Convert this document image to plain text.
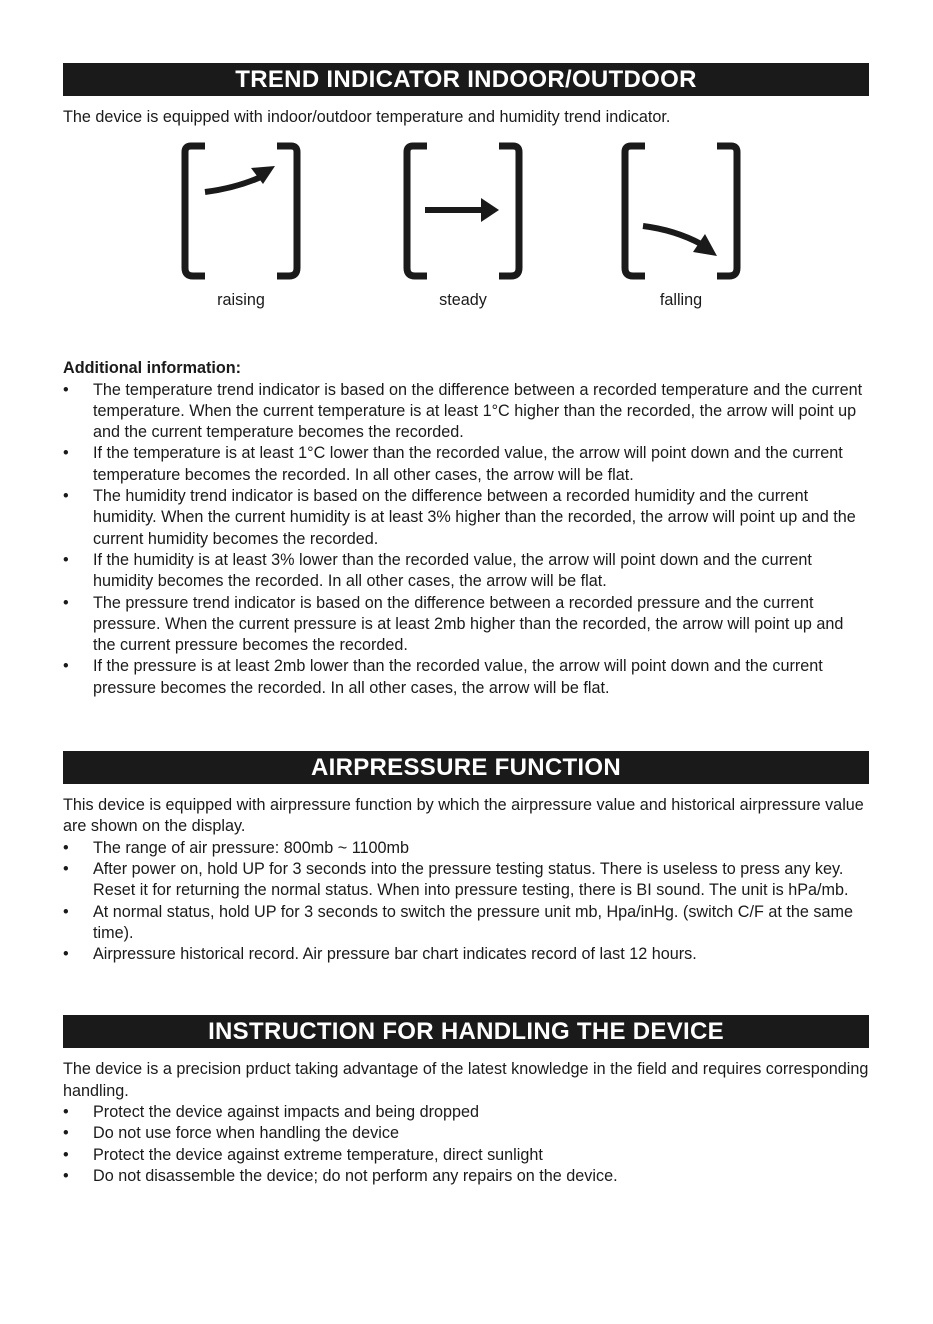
TREND INDICATOR INDOOR/OUTDOOR

The device is equipped with indoor/outdoor temperature and humidity trend indicator.

raising	steady	falling

Additional information:

• The temperature trend indicator is based on the difference between a recorded temperature and the current temperature. When the current temperature is at least 1°C higher than the recorded, the arrow will point up and the current temperature becomes the recorded.
• If the temperature is at least 1°C lower than the recorded value, the arrow will point down and the current temperature becomes the recorded. In all other cases, the arrow will be flat.
• The humidity trend indicator is based on the difference between a recorded humidity and the current humidity. When the current humidity is at least 3% higher than the recorded, the arrow will point up and the current humidity becomes the recorded.
• If the humidity is at least 3% lower than the recorded value, the arrow will point down and the current humidity becomes the recorded. In all other cases, the arrow will be flat.
• The pressure trend indicator is based on the difference between a recorded pressure and the current pressure. When the current pressure is at least 2mb higher than the recorded, the arrow will point up and the current pressure becomes the recorded.
• If the pressure is at least 2mb lower than the recorded value, the arrow will point down and the current pressure becomes the recorded. In all other cases, the arrow will be flat.
AIRPRESSURE FUNCTION

This device is equipped with airpressure function by which the airpressure value and historical airpressure value are shown on the display.

• The range of air pressure: 800mb ~ 1100mb
• After power on, hold UP for 3 seconds into the pressure testing status. There is useless to press any key. Reset it for returning the normal status. When into pressure testing, there is BI sound. The unit is hPa/mb.
• At normal status, hold UP for 3 seconds to switch the pressure unit mb, Hpa/inHg. (switch C/F at the same time).
• Airpressure historical record. Air pressure bar chart indicates record of last 12 hours.
INSTRUCTION FOR HANDLING THE DEVICE

The device is a precision prduct taking advantage of the latest knowledge in the field and requires corresponding handling.

• Protect the device against impacts and being dropped
• Do not use force when handling the device
• Protect the device against extreme temperature, direct sunlight
• Do not disassemble the device; do not perform any repairs on the device.
